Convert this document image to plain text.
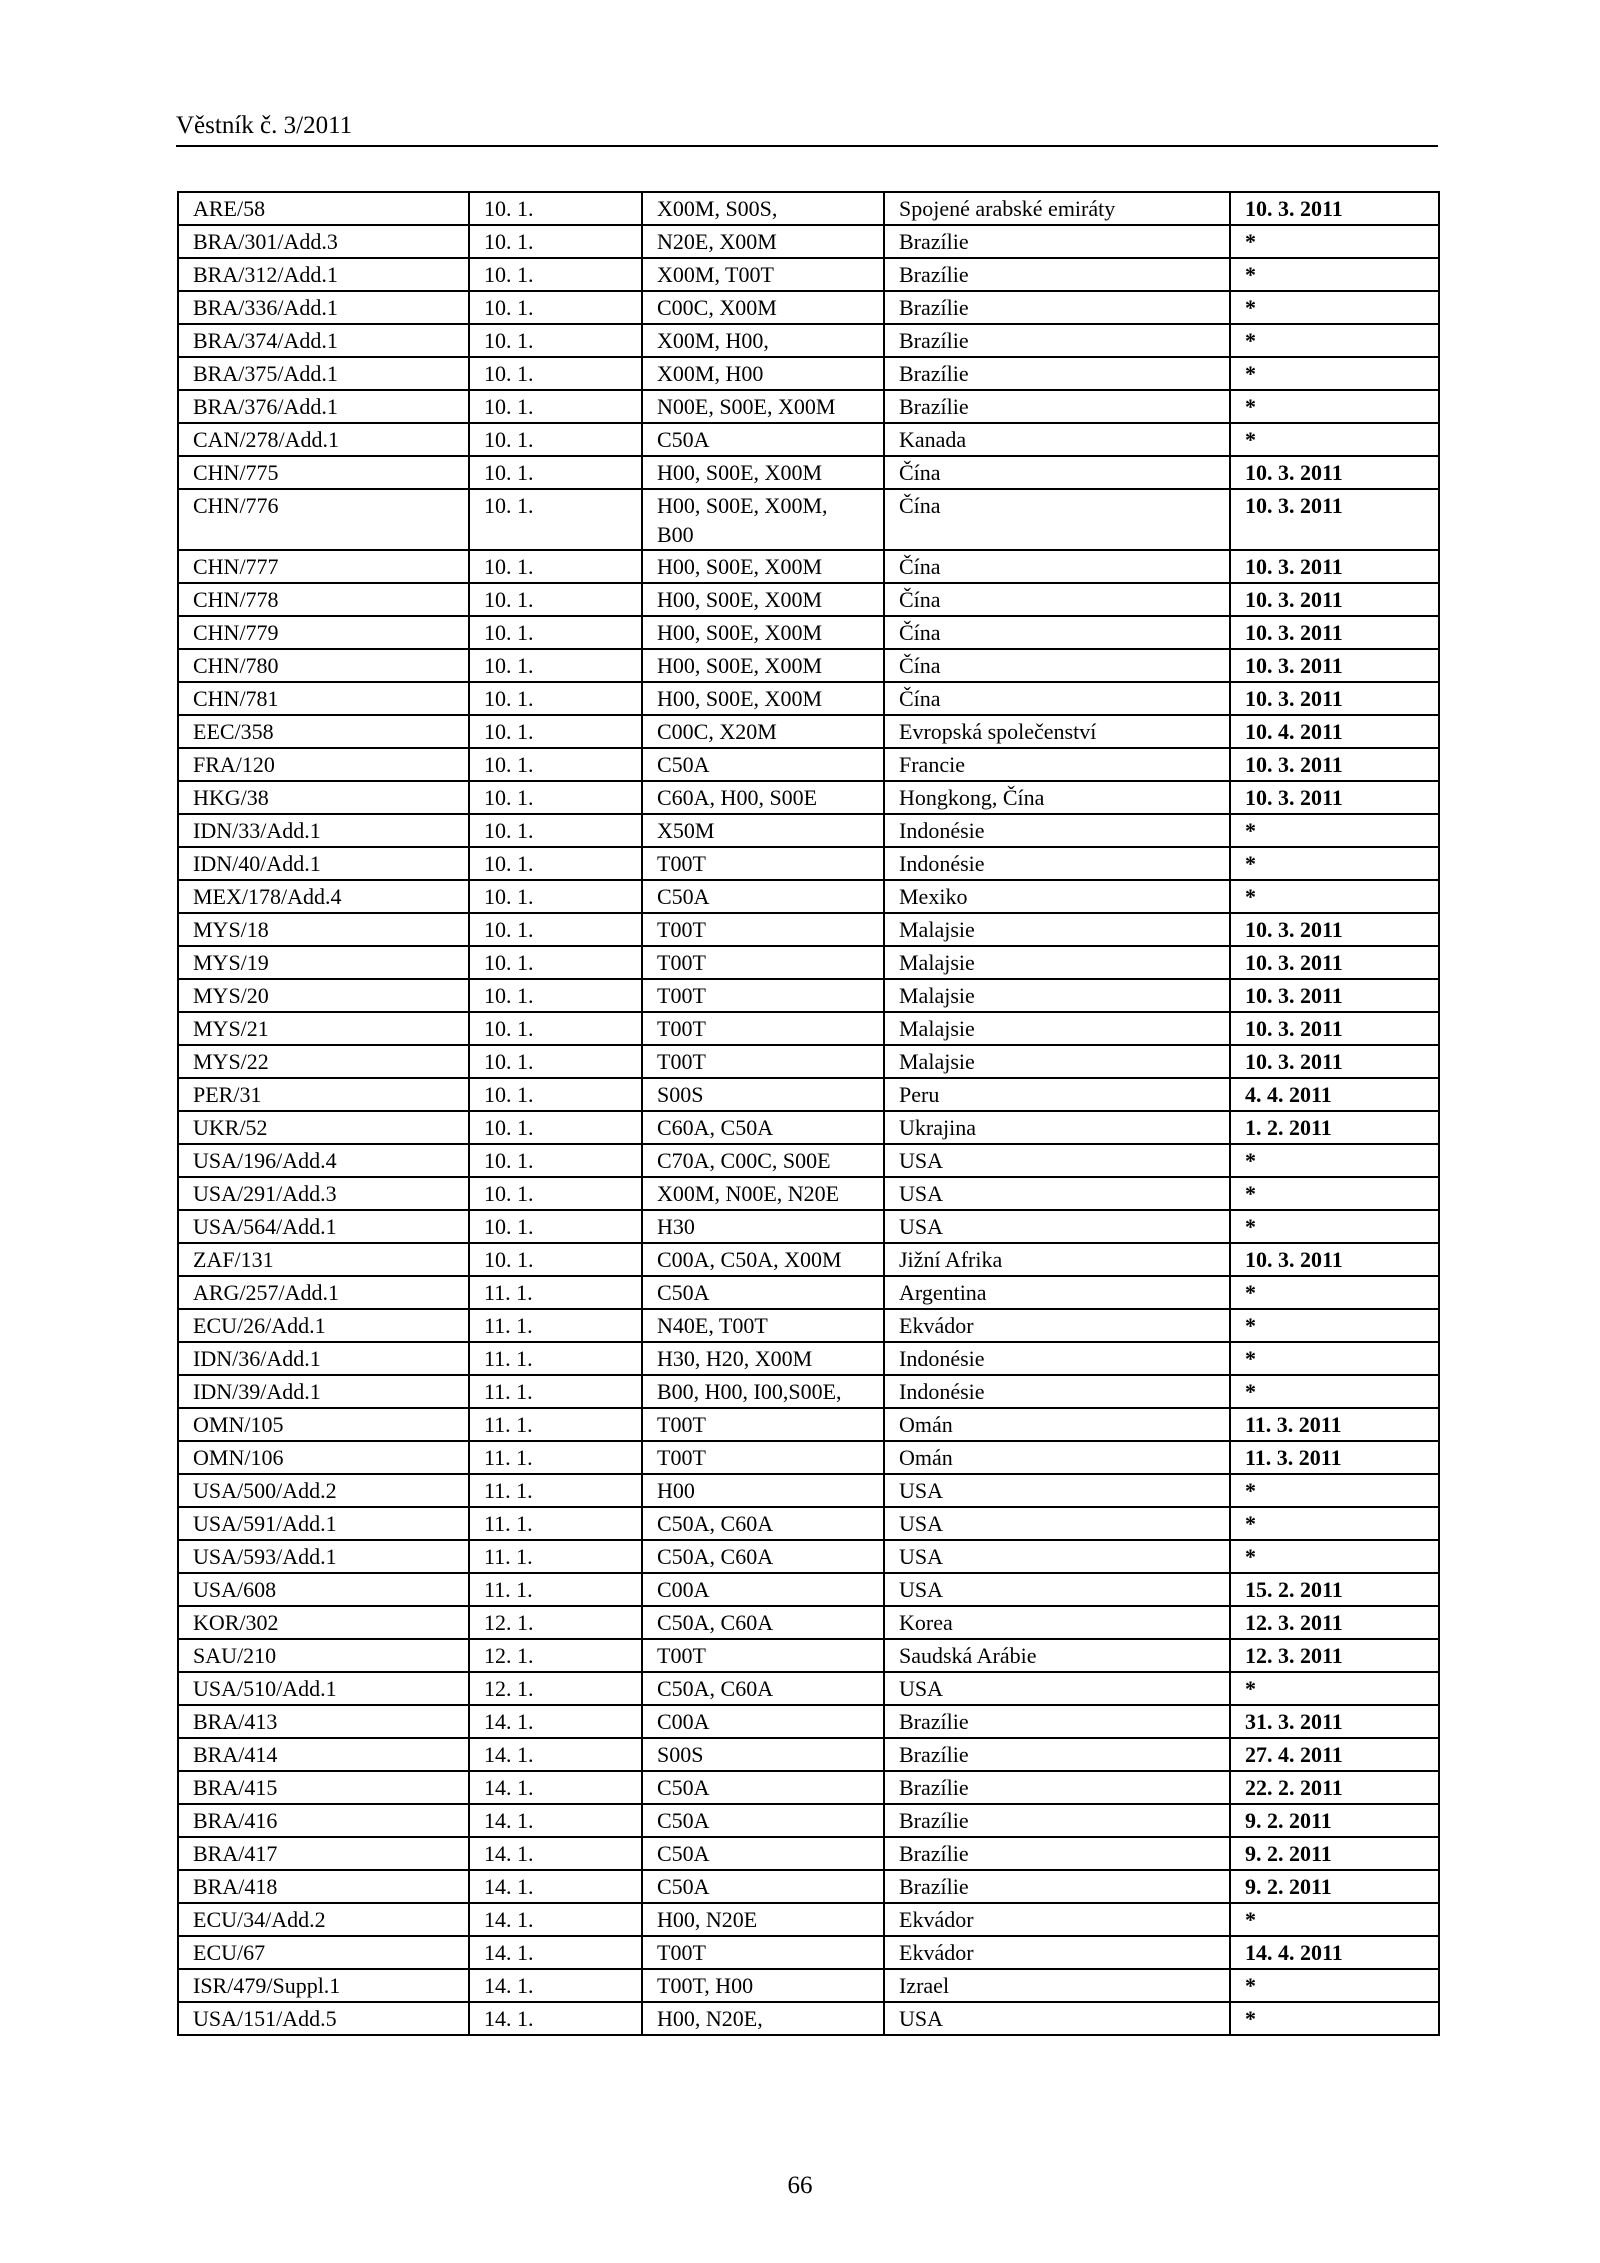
Věstník č. 3/2011
ARE/58	10. 1.	X00M, S00S,	Spojené arabské emiráty	10. 3. 2011
BRA/301/Add.3	10. 1.	N20E, X00M	Brazílie	*
BRA/312/Add.1	10. 1.	X00M, T00T	Brazílie	*
BRA/336/Add.1	10. 1.	C00C, X00M	Brazílie	*
BRA/374/Add.1	10. 1.	X00M, H00,	Brazílie	*
BRA/375/Add.1	10. 1.	X00M, H00	Brazílie	*
BRA/376/Add.1	10. 1.	N00E, S00E, X00M	Brazílie	*
CAN/278/Add.1	10. 1.	C50A	Kanada	*
CHN/775	10. 1.	H00, S00E, X00M	Čína	10. 3. 2011
CHN/776	10. 1.	H00, S00E, X00M, B00	Čína	10. 3. 2011
CHN/777	10. 1.	H00, S00E, X00M	Čína	10. 3. 2011
CHN/778	10. 1.	H00, S00E, X00M	Čína	10. 3. 2011
CHN/779	10. 1.	H00, S00E, X00M	Čína	10. 3. 2011
CHN/780	10. 1.	H00, S00E, X00M	Čína	10. 3. 2011
CHN/781	10. 1.	H00, S00E, X00M	Čína	10. 3. 2011
EEC/358	10. 1.	C00C, X20M	Evropská společenství	10. 4. 2011
FRA/120	10. 1.	C50A	Francie	10. 3. 2011
HKG/38	10. 1.	C60A, H00, S00E	Hongkong, Čína	10. 3. 2011
IDN/33/Add.1	10. 1.	X50M	Indonésie	*
IDN/40/Add.1	10. 1.	T00T	Indonésie	*
MEX/178/Add.4	10. 1.	C50A	Mexiko	*
MYS/18	10. 1.	T00T	Malajsie	10. 3. 2011
MYS/19	10. 1.	T00T	Malajsie	10. 3. 2011
MYS/20	10. 1.	T00T	Malajsie	10. 3. 2011
MYS/21	10. 1.	T00T	Malajsie	10. 3. 2011
MYS/22	10. 1.	T00T	Malajsie	10. 3. 2011
PER/31	10. 1.	S00S	Peru	4. 4. 2011
UKR/52	10. 1.	C60A, C50A	Ukrajina	1. 2. 2011
USA/196/Add.4	10. 1.	C70A, C00C, S00E	USA	*
USA/291/Add.3	10. 1.	X00M, N00E, N20E	USA	*
USA/564/Add.1	10. 1.	H30	USA	*
ZAF/131	10. 1.	C00A, C50A, X00M	Jižní Afrika	10. 3. 2011
ARG/257/Add.1	11. 1.	C50A	Argentina	*
ECU/26/Add.1	11. 1.	N40E, T00T	Ekvádor	*
IDN/36/Add.1	11. 1.	H30, H20, X00M	Indonésie	*
IDN/39/Add.1	11. 1.	B00, H00, I00,S00E,	Indonésie	*
OMN/105	11. 1.	T00T	Omán	11. 3. 2011
OMN/106	11. 1.	T00T	Omán	11. 3. 2011
USA/500/Add.2	11. 1.	H00	USA	*
USA/591/Add.1	11. 1.	C50A, C60A	USA	*
USA/593/Add.1	11. 1.	C50A, C60A	USA	*
USA/608	11. 1.	C00A	USA	15. 2. 2011
KOR/302	12. 1.	C50A, C60A	Korea	12. 3. 2011
SAU/210	12. 1.	T00T	Saudská Arábie	12. 3. 2011
USA/510/Add.1	12. 1.	C50A, C60A	USA	*
BRA/413	14. 1.	C00A	Brazílie	31. 3. 2011
BRA/414	14. 1.	S00S	Brazílie	27. 4. 2011
BRA/415	14. 1.	C50A	Brazílie	22. 2. 2011
BRA/416	14. 1.	C50A	Brazílie	9. 2. 2011
BRA/417	14. 1.	C50A	Brazílie	9. 2. 2011
BRA/418	14. 1.	C50A	Brazílie	9. 2. 2011
ECU/34/Add.2	14. 1.	H00, N20E	Ekvádor	*
ECU/67	14. 1.	T00T	Ekvádor	14. 4. 2011
ISR/479/Suppl.1	14. 1.	T00T, H00	Izrael	*
USA/151/Add.5	14. 1.	H00, N20E,	USA	*
66
